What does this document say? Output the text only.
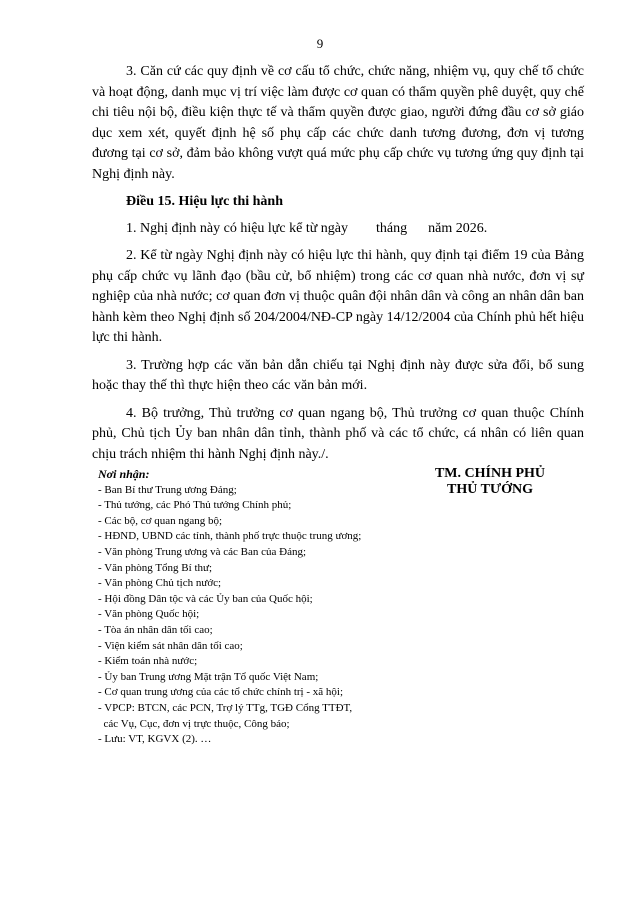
9

3. Căn cứ các quy định về cơ cấu tổ chức, chức năng, nhiệm vụ, quy chế tổ chức và hoạt động, danh mục vị trí việc làm được cơ quan có thẩm quyền phê duyệt, quy chế chi tiêu nội bộ, điều kiện thực tế và thẩm quyền được giao, người đứng đầu cơ sở giáo dục xem xét, quyết định hệ số phụ cấp các chức danh tương đương, đơn vị tương đương tại cơ sở, đảm bảo không vượt quá mức phụ cấp chức vụ tương ứng quy định tại Nghị định này.

Điều 15. Hiệu lực thi hành

1. Nghị định này có hiệu lực kể từ ngày        tháng      năm 2026.

2. Kể từ ngày Nghị định này có hiệu lực thi hành, quy định tại điểm 19 của Bảng phụ cấp chức vụ lãnh đạo (bầu cử, bổ nhiệm) trong các cơ quan nhà nước, đơn vị sự nghiệp của nhà nước; cơ quan đơn vị thuộc quân đội nhân dân và công an nhân dân ban hành kèm theo Nghị định số 204/2004/NĐ-CP ngày 14/12/2004 của Chính phủ hết hiệu lực thi hành.

3. Trường hợp các văn bản dẫn chiếu tại Nghị định này được sửa đổi, bổ sung hoặc thay thế thì thực hiện theo các văn bản mới.

4. Bộ trưởng, Thủ trưởng cơ quan ngang bộ, Thủ trưởng cơ quan thuộc Chính phủ, Chủ tịch Ủy ban nhân dân tỉnh, thành phố và các tổ chức, cá nhân có liên quan chịu trách nhiệm thi hành Nghị định này./.

Nơi nhận:
- Ban Bí thư Trung ương Đảng;
- Thủ tướng, các Phó Thủ tướng Chính phủ;
- Các bộ, cơ quan ngang bộ;
- HĐND, UBND các tỉnh, thành phố trực thuộc trung ương;
- Văn phòng Trung ương và các Ban của Đảng;
- Văn phòng Tổng Bí thư;
- Văn phòng Chủ tịch nước;
- Hội đồng Dân tộc và các Ủy ban của Quốc hội;
- Văn phòng Quốc hội;
- Tòa án nhân dân tối cao;
- Viện kiểm sát nhân dân tối cao;
- Kiểm toán nhà nước;
- Ủy ban Trung ương Mặt trận Tổ quốc Việt Nam;
- Cơ quan trung ương của các tổ chức chính trị - xã hội;
- VPCP: BTCN, các PCN, Trợ lý TTg, TGĐ Cổng TTĐT,
các Vụ, Cục, đơn vị trực thuộc, Công báo;
- Lưu: VT, KGVX (2). …
TM. CHÍNH PHỦ
THỦ TƯỚNG
